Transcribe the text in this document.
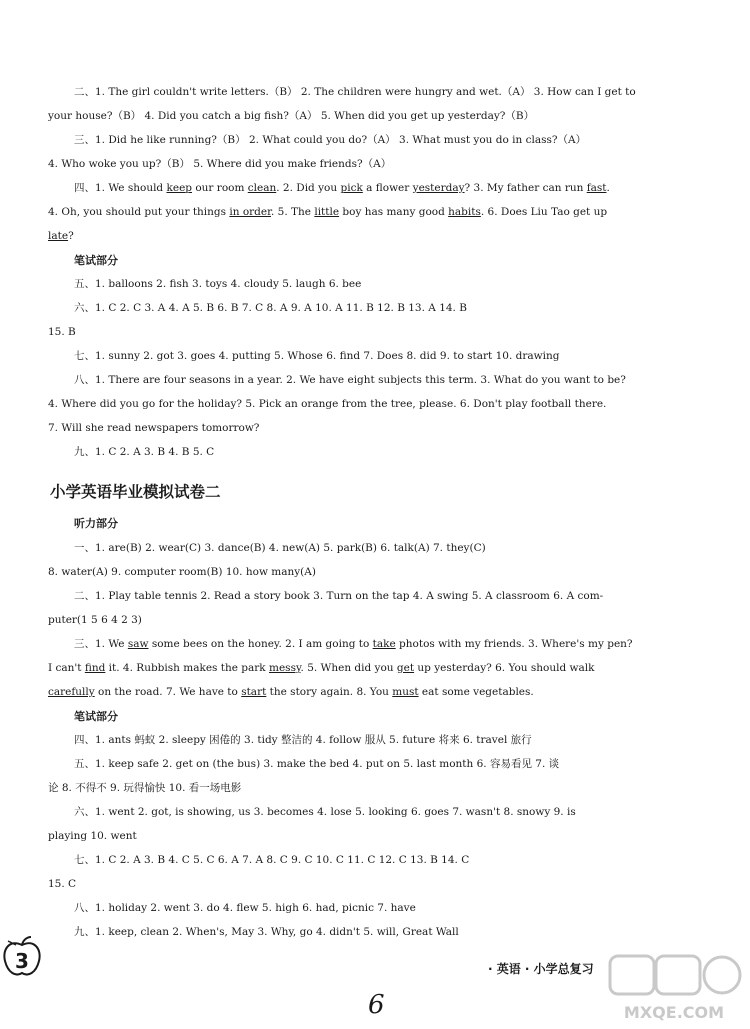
二、1. The girl couldn't write letters.（B） 2. The children were hungry and wet.（A） 3. How can I get to
your house?（B） 4. Did you catch a big fish?（A） 5. When did you get up yesterday?（B）
三、1. Did he like running?（B） 2. What could you do?（A） 3. What must you do in class?（A）
4. Who woke you up?（B） 5. Where did you make friends?（A）
四、1. We should keep our room clean. 2. Did you pick a flower yesterday? 3. My father can run fast.
4. Oh, you should put your things in order. 5. The little boy has many good habits. 6. Does Liu Tao get up
late?
笔试部分
五、1. balloons 2. fish 3. toys 4. cloudy 5. laugh 6. bee
六、1. C 2. C 3. A 4. A 5. B 6. B 7. C 8. A 9. A 10. A 11. B 12. B 13. A 14. B
15. B
七、1. sunny 2. got 3. goes 4. putting 5. Whose 6. find 7. Does 8. did 9. to start 10. drawing
八、1. There are four seasons in a year. 2. We have eight subjects this term. 3. What do you want to be?
4. Where did you go for the holiday? 5. Pick an orange from the tree, please. 6. Don't play football there.
7. Will she read newspapers tomorrow?
九、1. C 2. A 3. B 4. B 5. C
小学英语毕业模拟试卷二
听力部分
一、1. are(B) 2. wear(C) 3. dance(B) 4. new(A) 5. park(B) 6. talk(A) 7. they(C)
8. water(A) 9. computer room(B) 10. how many(A)
二、1. Play table tennis 2. Read a story book 3. Turn on the tap 4. A swing 5. A classroom 6. A com-
puter(1 5 6 4 2 3)
三、1. We saw some bees on the honey. 2. I am going to take photos with my friends. 3. Where's my pen?
I can't find it. 4. Rubbish makes the park messy. 5. When did you get up yesterday? 6. You should walk
carefully on the road. 7. We have to start the story again. 8. You must eat some vegetables.
笔试部分
四、1. ants 蚂蚁 2. sleepy 困倦的 3. tidy 整洁的 4. follow 服从 5. future 将来 6. travel 旅行
五、1. keep safe 2. get on (the bus) 3. make the bed 4. put on 5. last month 6. 容易看见 7. 谈
论 8. 不得不 9. 玩得愉快 10. 看一场电影
六、1. went 2. got, is showing, us 3. becomes 4. lose 5. looking 6. goes 7. wasn't 8. snowy 9. is
playing 10. went
七、1. C 2. A 3. B 4. C 5. C 6. A 7. A 8. C 9. C 10. C 11. C 12. C 13. B 14. C
15. C
八、1. holiday 2. went 3. do 4. flew 5. high 6. had, picnic 7. have
九、1. keep, clean 2. When's, May 3. Why, go 4. didn't 5. will, Great Wall
3	· 英语 · 小学总复习
6	MXQE.COM
